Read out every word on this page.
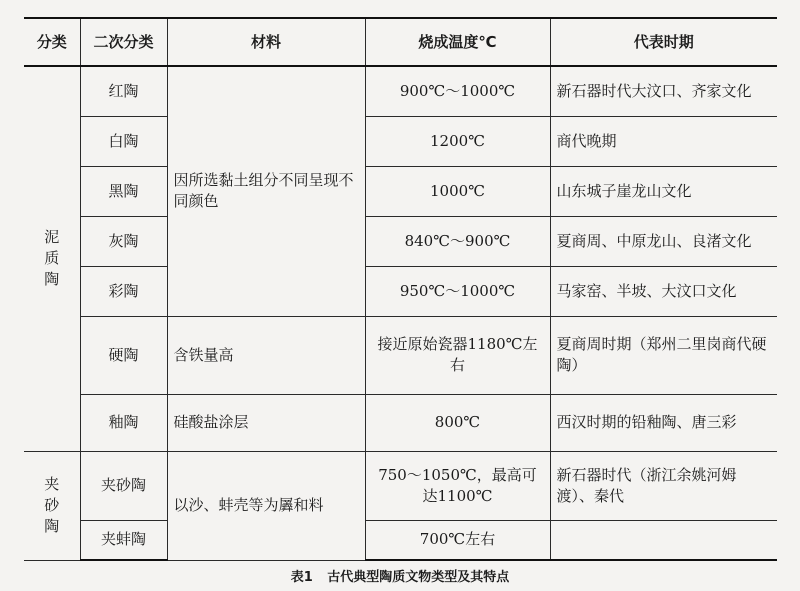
分类	二次分类	材料	烧成温度℃	代表时期

泥
质
陶	红陶	因所选黏土组分不同呈现不同颜色	900℃～1000℃	新石器时代大汶口、齐家文化
	白陶		1200℃	商代晚期
	黑陶		1000℃	山东城子崖龙山文化
	灰陶		840℃～900℃	夏商周、中原龙山、良渚文化
	彩陶		950℃～1000℃	马家窑、半坡、大汶口文化
	硬陶	含铁量高	接近原始瓷器1180℃左右	夏商周时期（郑州二里岗商代硬陶）
	釉陶	硅酸盐涂层	800℃	西汉时期的铅釉陶、唐三彩

夹
砂
陶	夹砂陶	以沙、蚌壳等为羼和料	750～1050℃，最高可达1100℃	新石器时代（浙江余姚河姆渡）、秦代
	夹蚌陶		700℃左右	
表1 古代典型陶质文物类型及其特点
